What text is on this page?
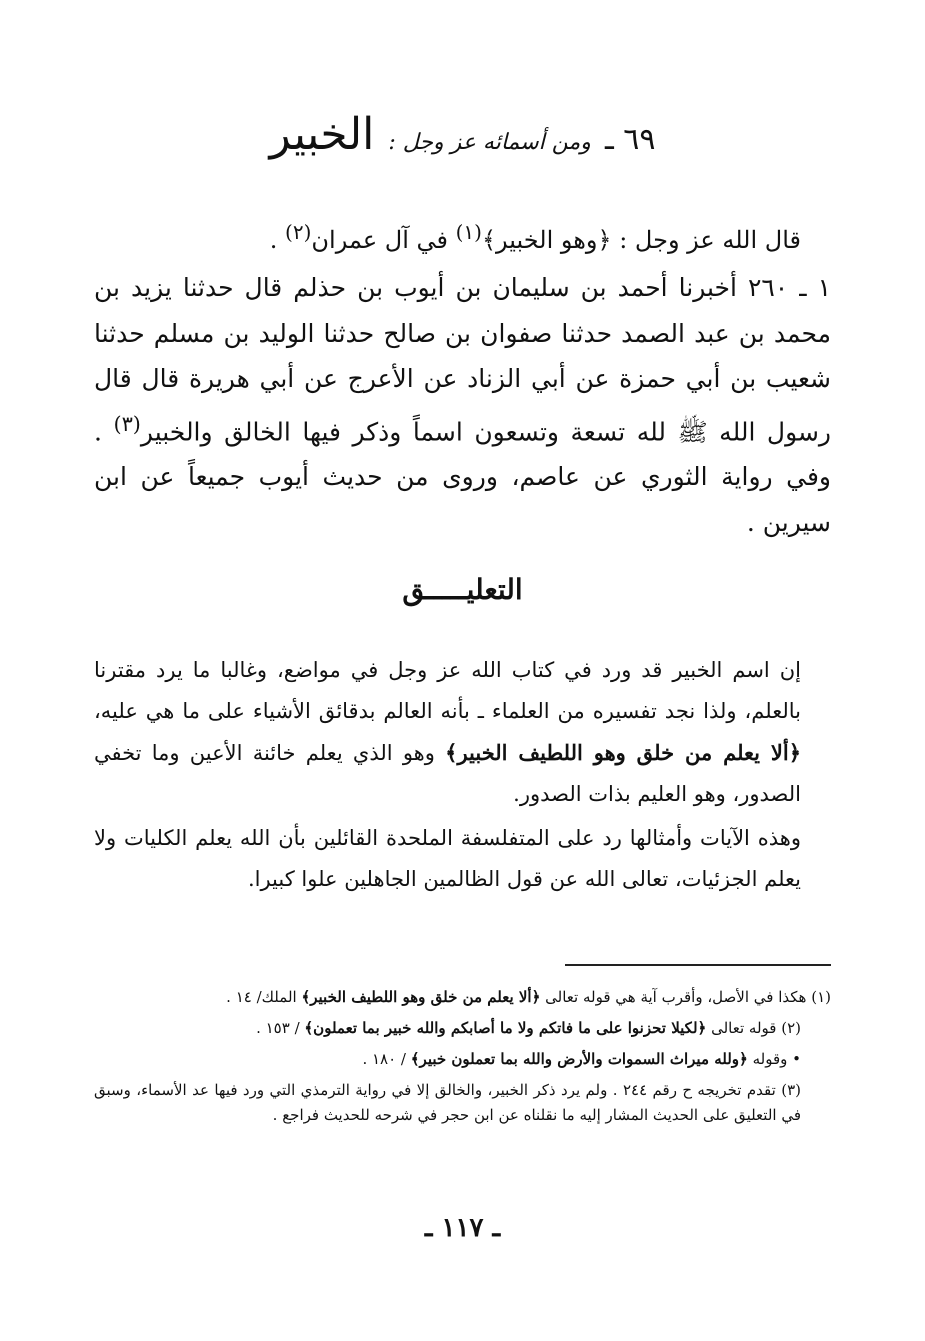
٦٩ ـ ومن أسمائه عز وجل : الخبير
قال الله عز وجل : ﴿وهو الخبير﴾$^{(١)}$ في آل عمران$^{(٢)}$ .
١ ـ ٢٦٠ أخبرنا أحمد بن سليمان بن أيوب بن حذلم قال حدثنا يزيد بن محمد بن عبد الصمد حدثنا صفوان بن صالح حدثنا الوليد بن مسلم حدثنا شعيب بن أبي حمزة عن أبي الزناد عن الأعرج عن أبي هريرة قال قال رسول الله ﷺ لله تسعة وتسعون اسماً وذكر فيها الخالق والخبير$^{(٣)}$ . وفي رواية الثوري عن عاصم، وروى من حديث أيوب جميعاً عن ابن سيرين .
التعليـــــق
إن اسم الخبير قد ورد في كتاب الله عز وجل في مواضع، وغالبا ما يرد مقترنا بالعلم، ولذا نجد تفسيره من العلماء ـ بأنه العالم بدقائق الأشياء على ما هي عليه، ﴿ألا يعلم من خلق وهو اللطيف الخبير﴾ وهو الذي يعلم خائنة الأعين وما تخفي الصدور، وهو العليم بذات الصدور.
وهذه الآيات وأمثالها رد على المتفلسفة الملحدة القائلين بأن الله يعلم الكليات ولا يعلم الجزئيات، تعالى الله عن قول الظالمين الجاهلين علوا كبيرا.

(١) هكذا في الأصل، وأقرب آية هي قوله تعالى ﴿ألا يعلم من خلق وهو اللطيف الخبير﴾ الملك/ ١٤ .

(٢) قوله تعالى ﴿لكيلا تحزنوا على ما فاتكم ولا ما أصابكم والله خبير بما تعملون﴾ / ١٥٣ .

• وقوله ﴿ولله ميراث السموات والأرض والله بما تعملون خبير﴾ / ١٨٠ .

(٣) تقدم تخريجه ح رقم ٢٤٤ . ولم يرد ذكر الخبير، والخالق إلا في رواية الترمذي التي ورد فيها عد الأسماء، وسبق في التعليق على الحديث المشار إليه ما نقلناه عن ابن حجر في شرحه للحديث فراجع .

ـ ١١٧ ـ
